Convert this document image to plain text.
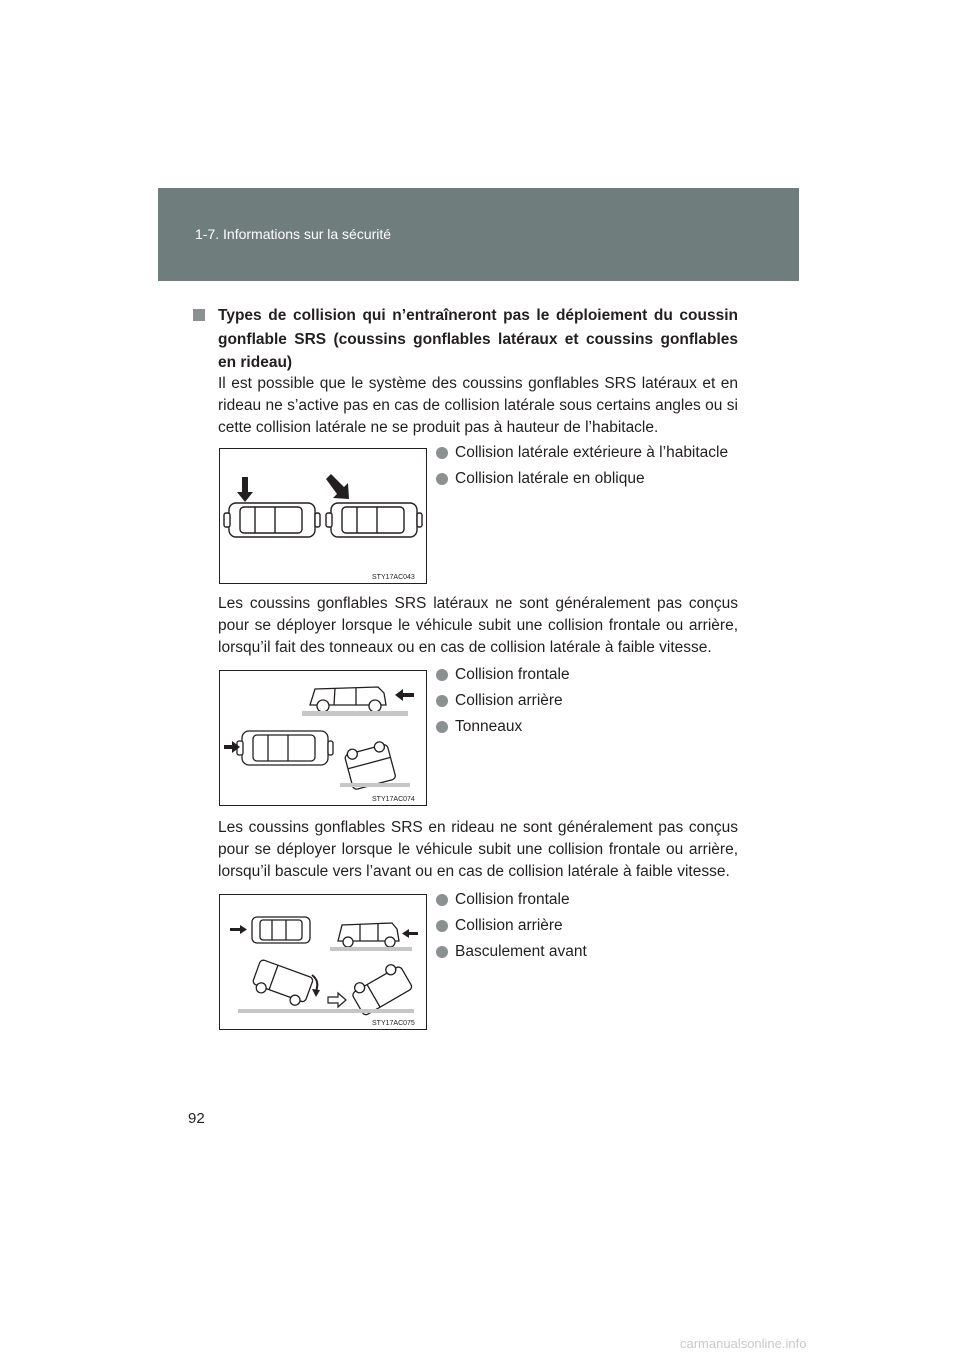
1-7. Informations sur la sécurité
Types de collision qui n’entraîneront pas le déploiement du coussin gonflable SRS (coussins gonflables latéraux et coussins gonflables en rideau)
Il est possible que le système des coussins gonflables SRS latéraux et en rideau ne s’active pas en cas de collision latérale sous certains angles ou si cette collision latérale ne se produit pas à hauteur de l’habitacle.
STY17AC043
Collision latérale extérieure à l’habitacle
Collision latérale en oblique
Les coussins gonflables SRS latéraux ne sont généralement pas conçus pour se déployer lorsque le véhicule subit une collision frontale ou arrière, lorsqu’il fait des tonneaux ou en cas de collision latérale à faible vitesse.
STY17AC074
Collision frontale
Collision arrière
Tonneaux
Les coussins gonflables SRS en rideau ne sont généralement pas conçus pour se déployer lorsque le véhicule subit une collision frontale ou arrière, lorsqu’il bascule vers l’avant ou en cas de collision latérale à faible vitesse.
STY17AC075
Collision frontale
Collision arrière
Basculement avant
92
carmanualsonline.info
